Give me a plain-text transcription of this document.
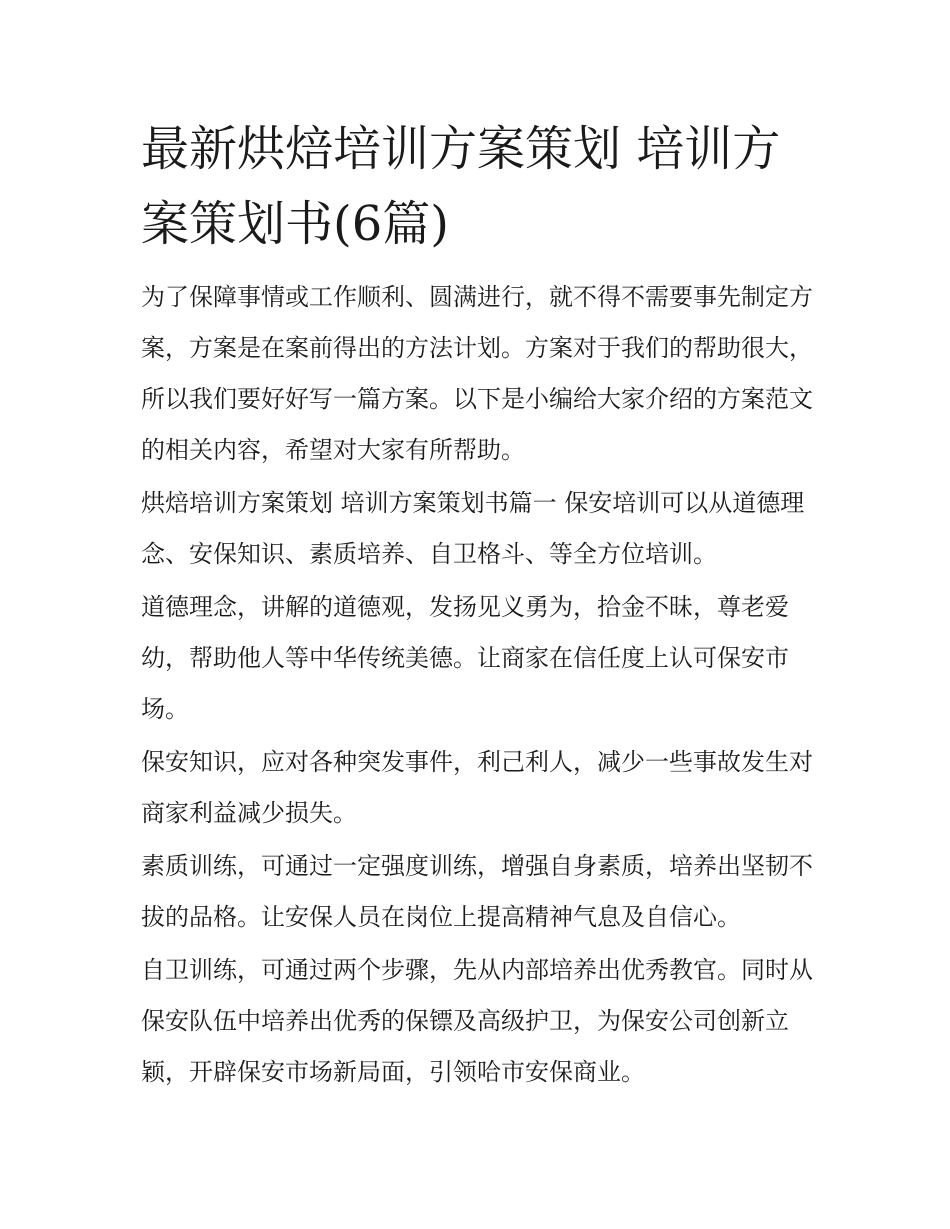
最新烘焙培训方案策划 培训方案策划书(6篇)

为了保障事情或工作顺利、圆满进行，就不得不需要事先制定方案，方案是在案前得出的方法计划。方案对于我们的帮助很大，所以我们要好好写一篇方案。以下是小编给大家介绍的方案范文的相关内容，希望对大家有所帮助。

烘焙培训方案策划 培训方案策划书篇一 保安培训可以从道德理念、安保知识、素质培养、自卫格斗、等全方位培训。

道德理念，讲解的道德观，发扬见义勇为，拾金不昧，尊老爱幼，帮助他人等中华传统美德。让商家在信任度上认可保安市场。

保安知识，应对各种突发事件，利己利人，减少一些事故发生对商家利益减少损失。

素质训练，可通过一定强度训练，增强自身素质，培养出坚韧不拔的品格。让安保人员在岗位上提高精神气息及自信心。

自卫训练，可通过两个步骤，先从内部培养出优秀教官。同时从保安队伍中培养出优秀的保镖及高级护卫，为保安公司创新立颖，开辟保安市场新局面，引领哈市安保商业。
